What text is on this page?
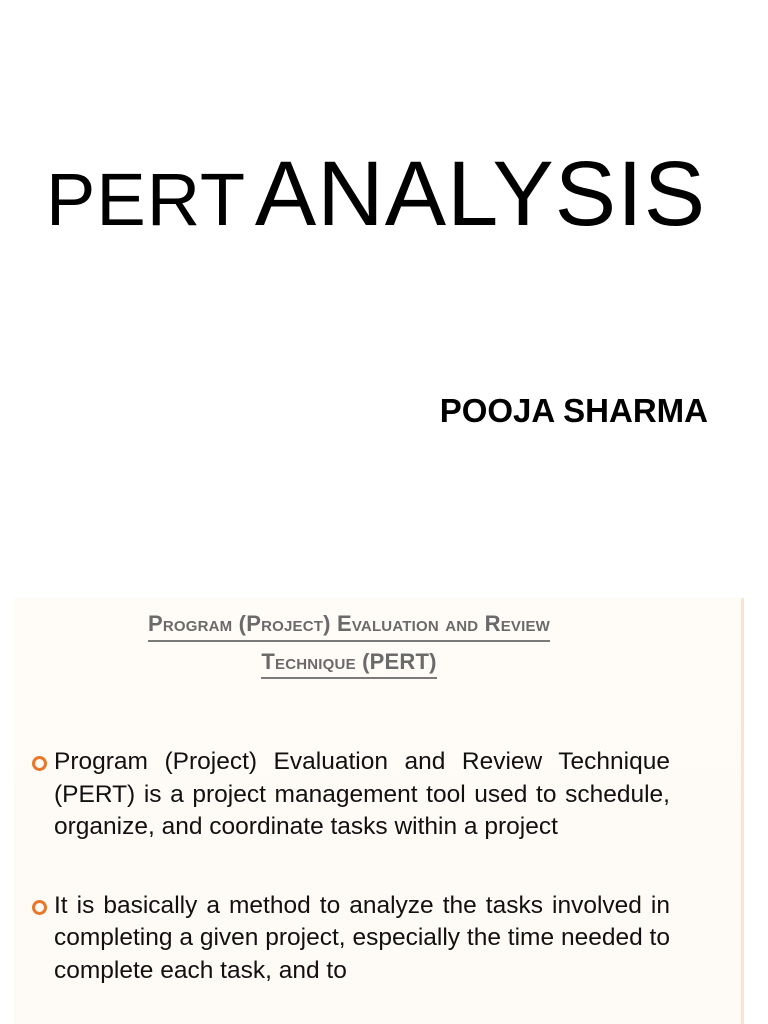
PERT ANALYSIS

POOJA SHARMA

Program (Project) Evaluation and Review
Technique (PERT)
Program (Project) Evaluation and Review Technique (PERT) is a project management tool used to schedule, organize, and coordinate tasks within a project
It is basically a method to analyze the tasks involved in completing a given project, especially the time needed to complete each task, and to
